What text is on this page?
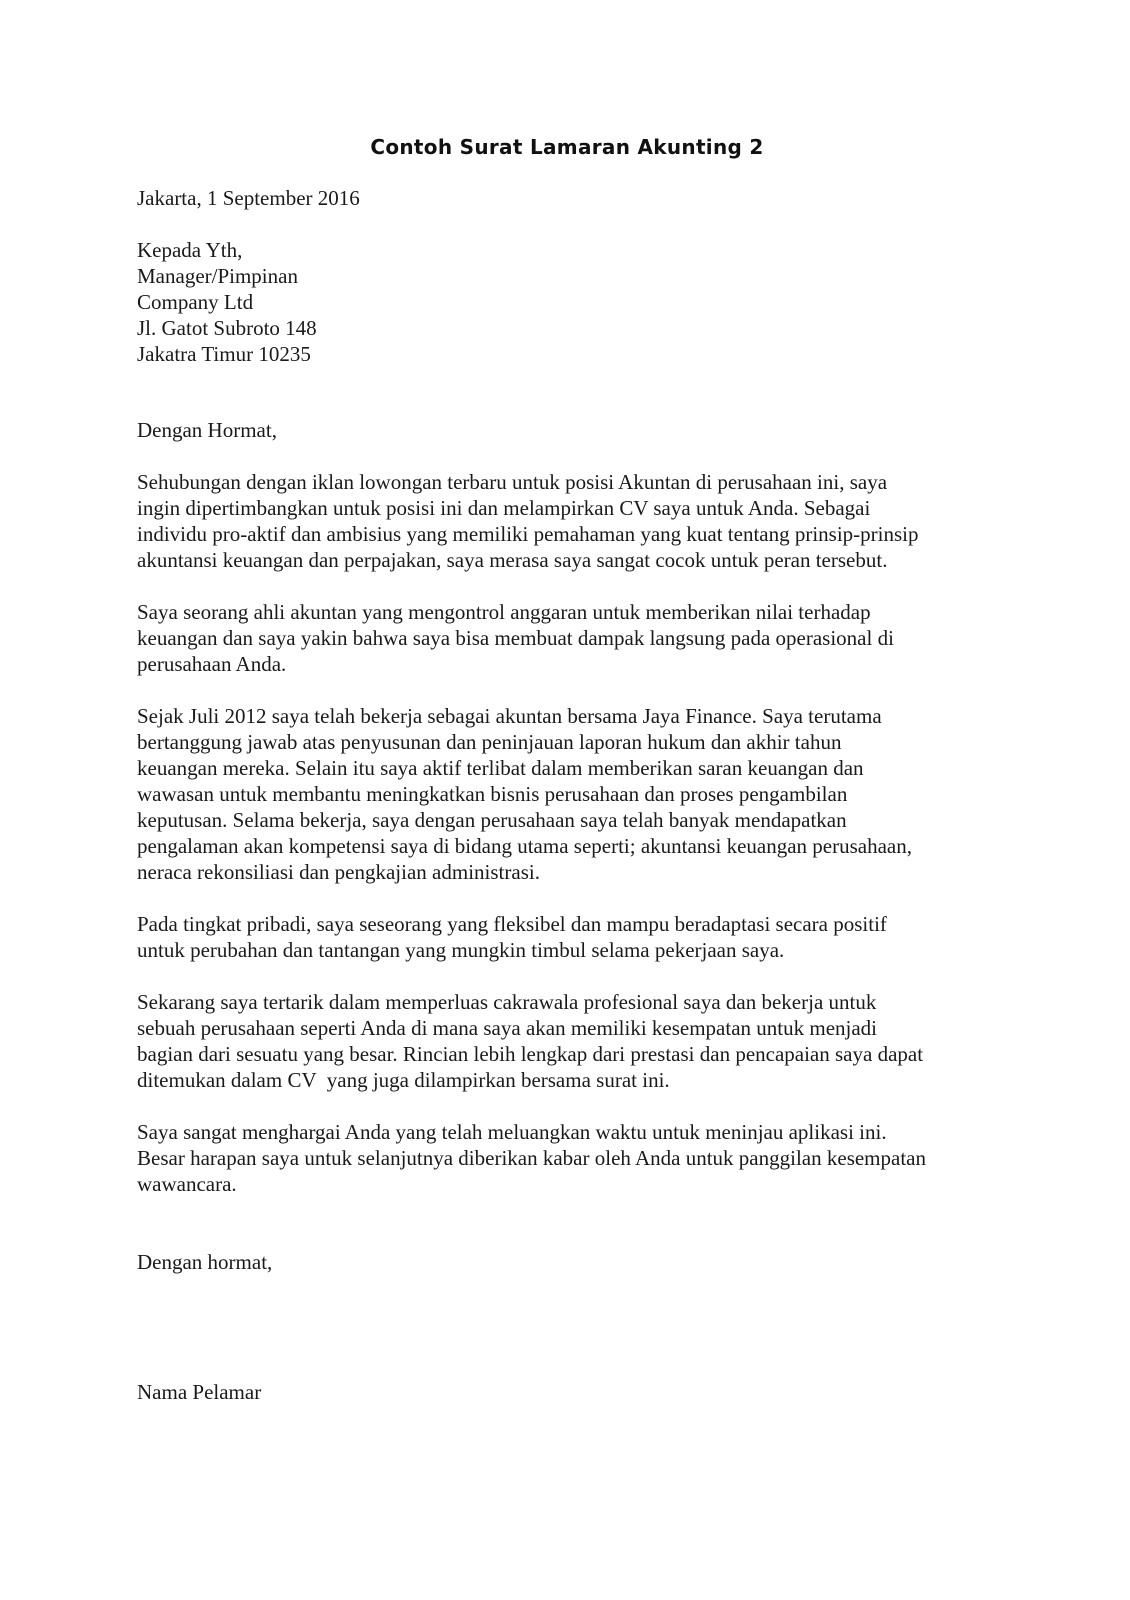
Contoh Surat Lamaran Akunting 2

Jakarta, 1 September 2016

Kepada Yth,
Manager/Pimpinan
Company Ltd
Jl. Gatot Subroto 148
Jakatra Timur 10235

Dengan Hormat,

Sehubungan dengan iklan lowongan terbaru untuk posisi Akuntan di perusahaan ini, saya
ingin dipertimbangkan untuk posisi ini dan melampirkan CV saya untuk Anda. Sebagai
individu pro-aktif dan ambisius yang memiliki pemahaman yang kuat tentang prinsip-prinsip
akuntansi keuangan dan perpajakan, saya merasa saya sangat cocok untuk peran tersebut.
Saya seorang ahli akuntan yang mengontrol anggaran untuk memberikan nilai terhadap
keuangan dan saya yakin bahwa saya bisa membuat dampak langsung pada operasional di
perusahaan Anda.
Sejak Juli 2012 saya telah bekerja sebagai akuntan bersama Jaya Finance. Saya terutama
bertanggung jawab atas penyusunan dan peninjauan laporan hukum dan akhir tahun
keuangan mereka. Selain itu saya aktif terlibat dalam memberikan saran keuangan dan
wawasan untuk membantu meningkatkan bisnis perusahaan dan proses pengambilan
keputusan. Selama bekerja, saya dengan perusahaan saya telah banyak mendapatkan
pengalaman akan kompetensi saya di bidang utama seperti; akuntansi keuangan perusahaan,
neraca rekonsiliasi dan pengkajian administrasi.
Pada tingkat pribadi, saya seseorang yang fleksibel dan mampu beradaptasi secara positif
untuk perubahan dan tantangan yang mungkin timbul selama pekerjaan saya.
Sekarang saya tertarik dalam memperluas cakrawala profesional saya dan bekerja untuk
sebuah perusahaan seperti Anda di mana saya akan memiliki kesempatan untuk menjadi
bagian dari sesuatu yang besar. Rincian lebih lengkap dari prestasi dan pencapaian saya dapat
ditemukan dalam CV  yang juga dilampirkan bersama surat ini.
Saya sangat menghargai Anda yang telah meluangkan waktu untuk meninjau aplikasi ini.
Besar harapan saya untuk selanjutnya diberikan kabar oleh Anda untuk panggilan kesempatan
wawancara.

Dengan hormat,

Nama Pelamar
